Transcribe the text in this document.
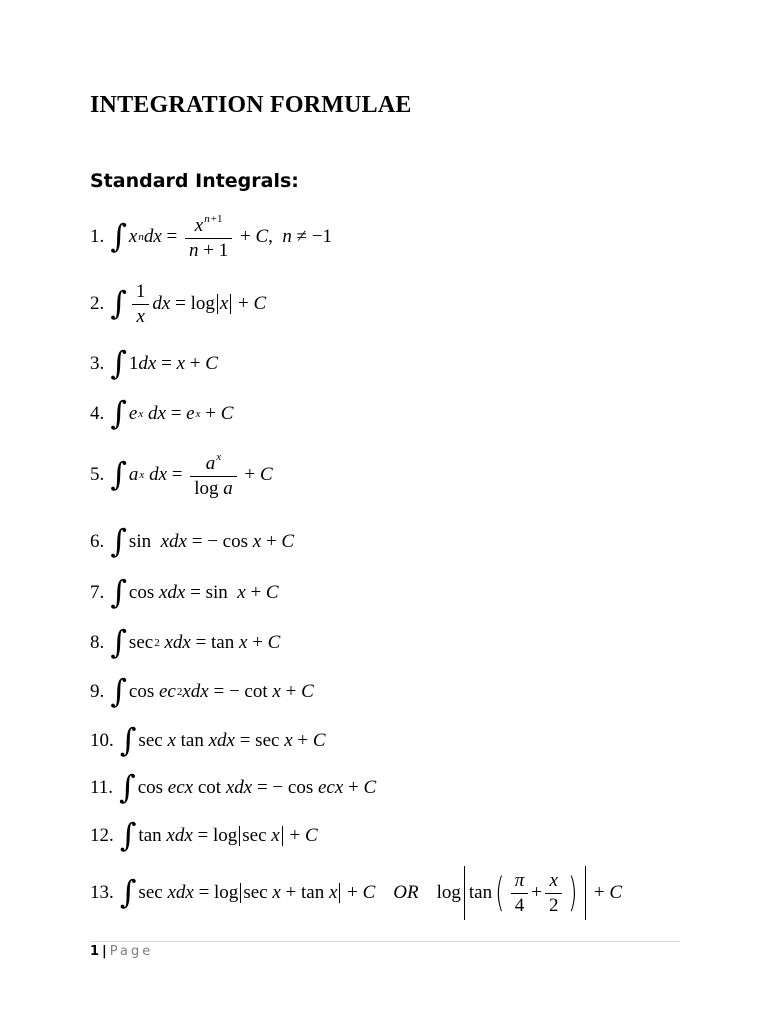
INTEGRATION FORMULAE
Standard Integrals:
1. ∫ x n dx = $\frac{x^{n+1}}{n + 1} + C$ , n ≠ −1
2. ∫ $\frac{1}{x}$ dx = log x + C
3. ∫ 1 dx = x + C
4. ∫ e x
dx = e x + C
5. ∫ a x
dx = $\frac{a^x}{\text{log a}} + C$
6. ∫ sin xdx = − cos x + C
7. ∫ cos xdx = sin x + C
8. ∫ sec 2
xdx = tan x + C
9. ∫ cos ec 2 xdx = − cot x + C
10. ∫ sec x tan xdx = sec x + C
11. ∫ cos ecx cot xdx = − cos ecx + C
12. ∫ tan xdx = log sec x + C
13. ∫ sec xdx = log sec x + tan x + C OR log tan ( $\frac{\pi}{4} + \frac{x}{2}$ ) + C
1 | Page
